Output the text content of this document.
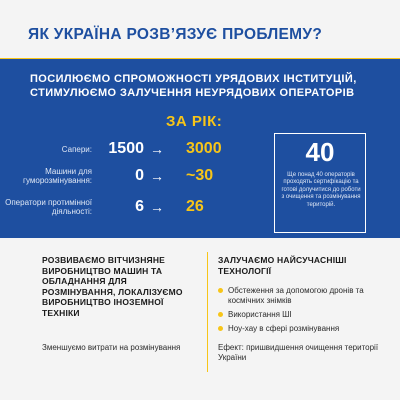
ЯК УКРАЇНА РОЗВ’ЯЗУЄ ПРОБЛЕМУ?
ПОСИЛЮЄМО СПРОМОЖНОСТІ УРЯДОВИХ ІНСТИТУЦІЙ,
СТИМУЛЮЄМО ЗАЛУЧЕННЯ НЕУРЯДОВИХ ОПЕРАТОРІВ
ЗА РІК:
Сапери:	1500 → 3000
Машини для гуморозмінування:	0 → ~30
Оператори протимінної діяльності:	6 → 26
40
Ще понад 40 операторів проходять сертифікацію та готові долучитися до роботи з очищення та розмінування територій.
РОЗВИВАЄМО ВІТЧИЗНЯНЕ ВИРОБНИЦТВО МАШИН ТА ОБЛАДНАННЯ ДЛЯ РОЗМІНУВАННЯ, ЛОКАЛІЗУЄМО ВИРОБНИЦТВО ІНОЗЕМНОЇ ТЕХНІКИ
Зменшуємо витрати на розмінування
ЗАЛУЧАЄМО НАЙСУЧАСНІШІ ТЕХНОЛОГІЇ
Обстеження за допомогою дронів та космічних знімків
Використання ШІ
Ноу-хау в сфері розмінування
Ефект: пришвидшення очищення території України
